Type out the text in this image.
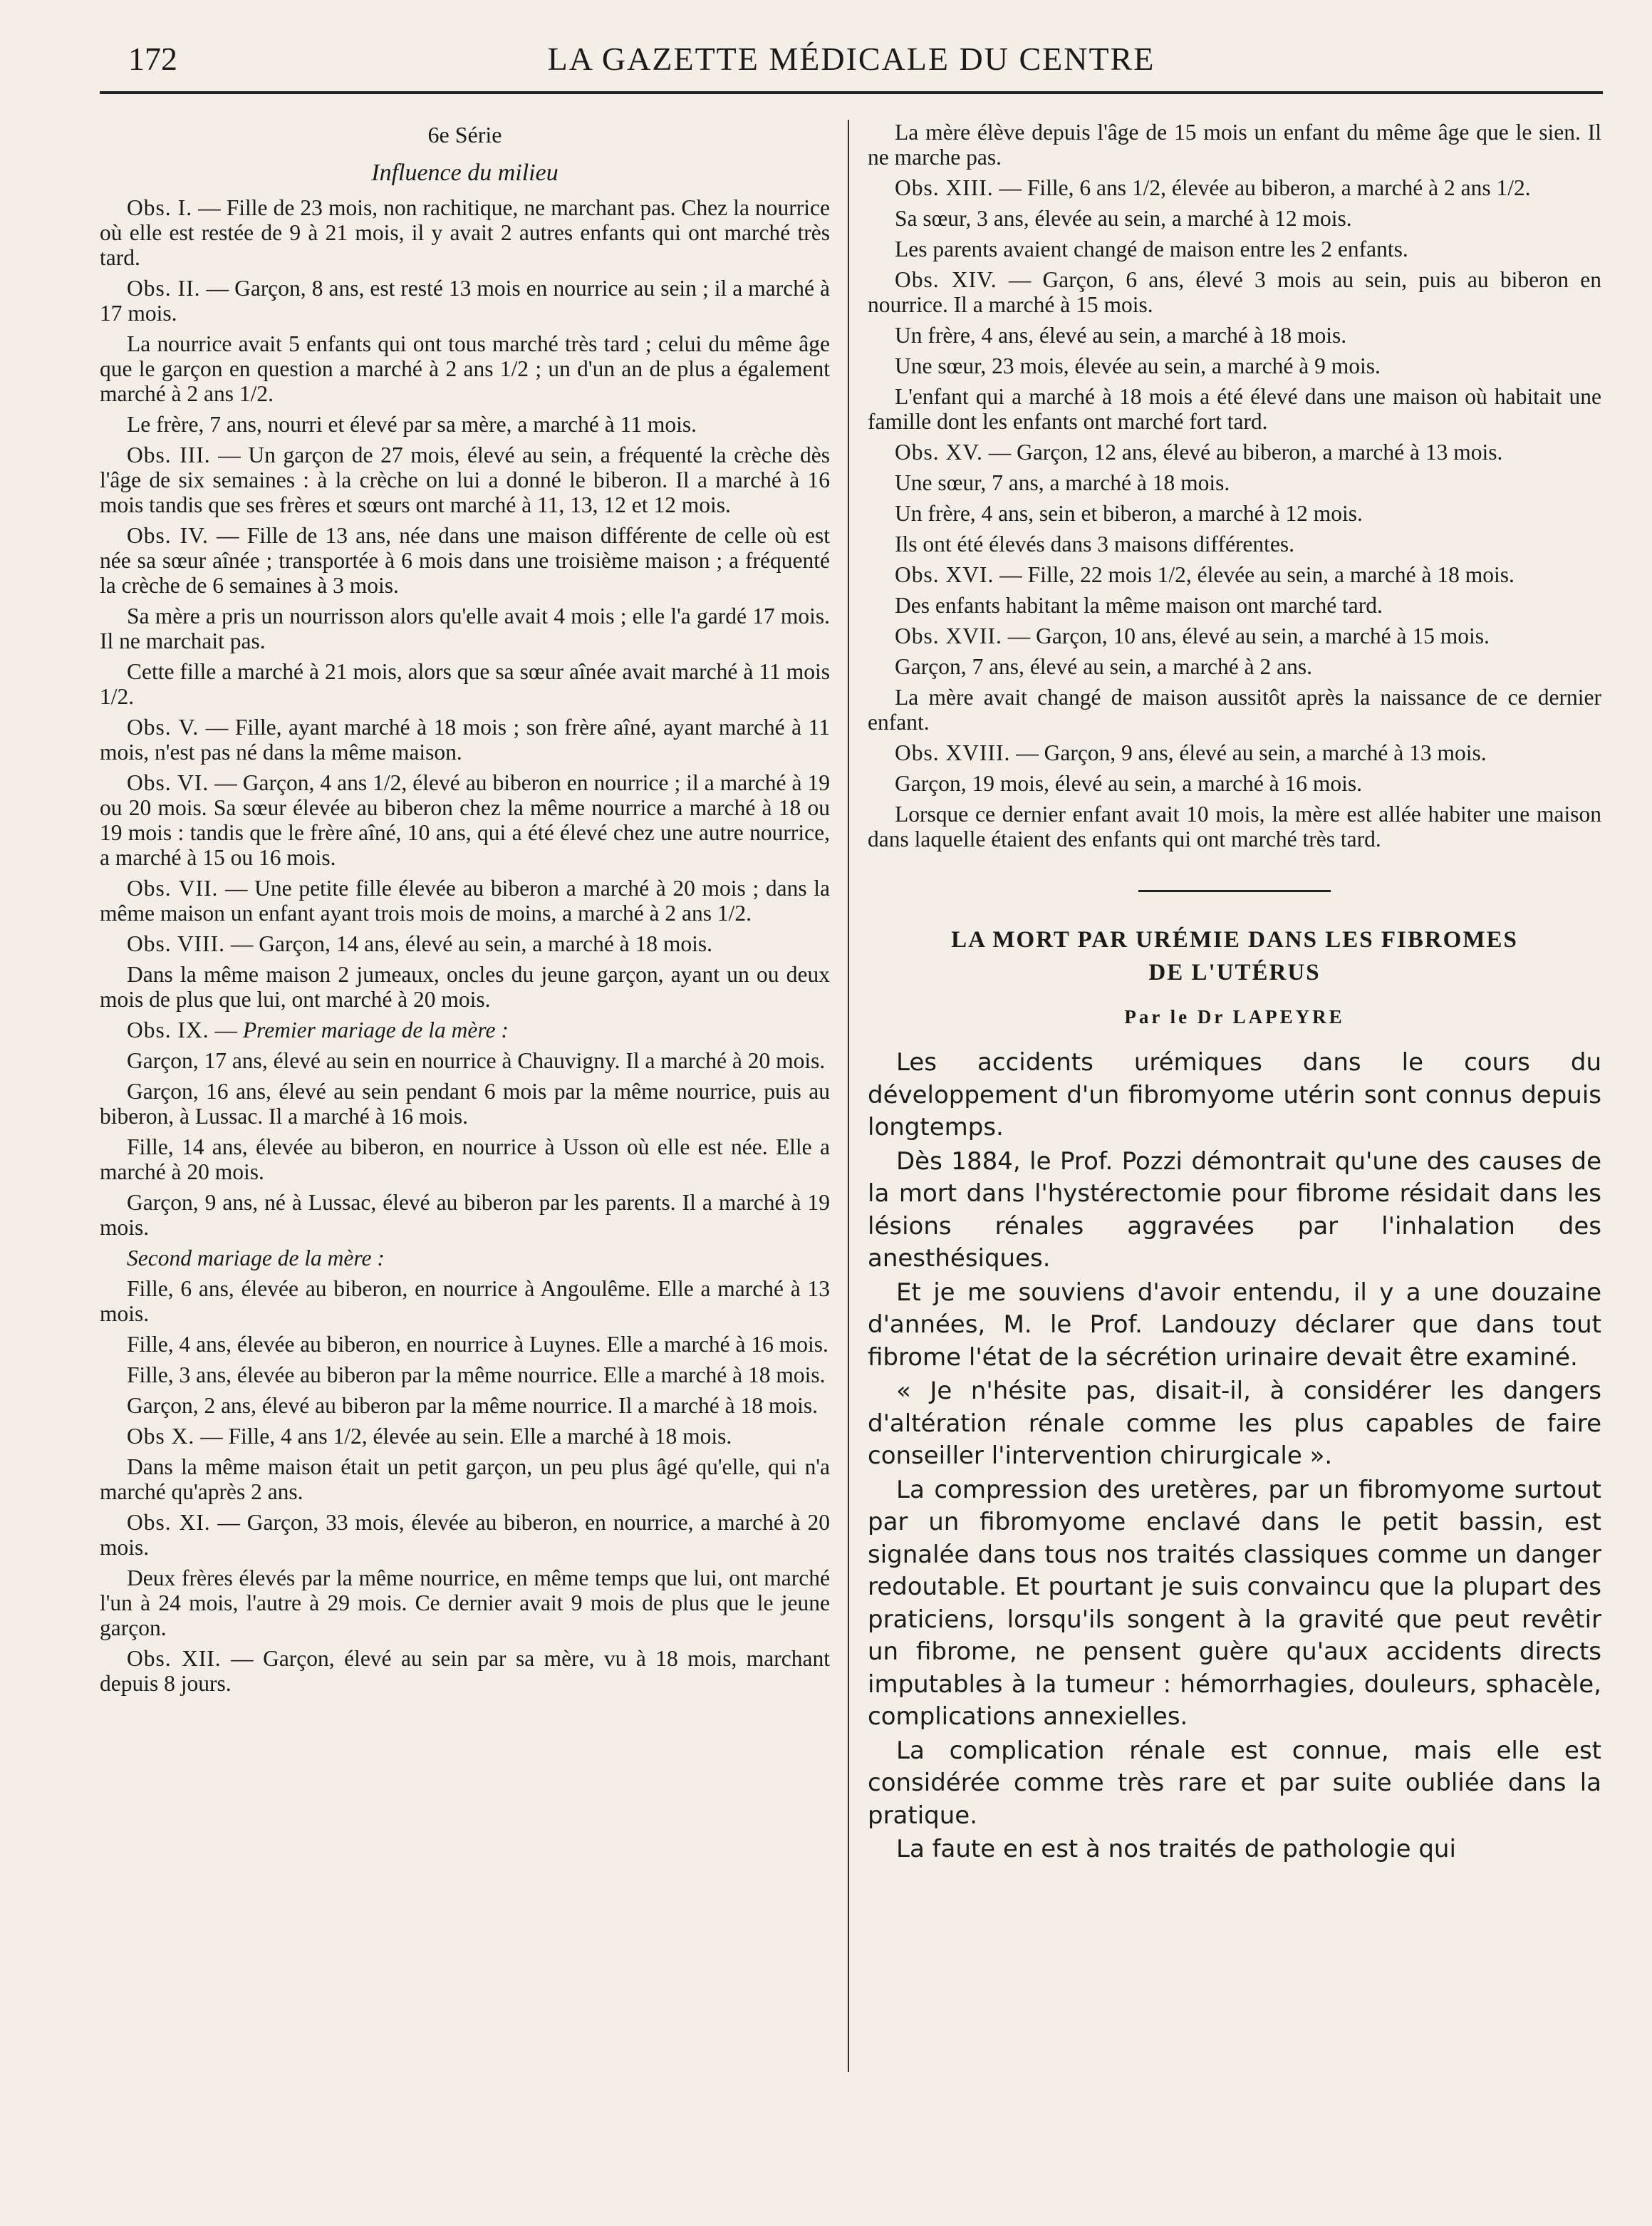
172	LA GAZETTE MÉDICALE DU CENTRE

6e Série

Influence du milieu

Obs. I. — Fille de 23 mois, non rachitique, ne marchant pas. Chez la nourrice où elle est restée de 9 à 21 mois, il y avait 2 autres enfants qui ont marché très tard.

Obs. II. — Garçon, 8 ans, est resté 13 mois en nourrice au sein ; il a marché à 17 mois.

La nourrice avait 5 enfants qui ont tous marché très tard ; celui du même âge que le garçon en question a marché à 2 ans 1/2 ; un d'un an de plus a également marché à 2 ans 1/2.

Le frère, 7 ans, nourri et élevé par sa mère, a marché à 11 mois.

Obs. III. — Un garçon de 27 mois, élevé au sein, a fréquenté la crèche dès l'âge de six semaines : à la crèche on lui a donné le biberon. Il a marché à 16 mois tandis que ses frères et sœurs ont marché à 11, 13, 12 et 12 mois.

Obs. IV. — Fille de 13 ans, née dans une maison différente de celle où est née sa sœur aînée ; transportée à 6 mois dans une troisième maison ; a fréquenté la crèche de 6 semaines à 3 mois.

Sa mère a pris un nourrisson alors qu'elle avait 4 mois ; elle l'a gardé 17 mois. Il ne marchait pas.

Cette fille a marché à 21 mois, alors que sa sœur aînée avait marché à 11 mois 1/2.

Obs. V. — Fille, ayant marché à 18 mois ; son frère aîné, ayant marché à 11 mois, n'est pas né dans la même maison.

Obs. VI. — Garçon, 4 ans 1/2, élevé au biberon en nourrice ; il a marché à 19 ou 20 mois. Sa sœur élevée au biberon chez la même nourrice a marché à 18 ou 19 mois : tandis que le frère aîné, 10 ans, qui a été élevé chez une autre nourrice, a marché à 15 ou 16 mois.

Obs. VII. — Une petite fille élevée au biberon a marché à 20 mois ; dans la même maison un enfant ayant trois mois de moins, a marché à 2 ans 1/2.

Obs. VIII. — Garçon, 14 ans, élevé au sein, a marché à 18 mois.

Dans la même maison 2 jumeaux, oncles du jeune garçon, ayant un ou deux mois de plus que lui, ont marché à 20 mois.

Obs. IX. — Premier mariage de la mère :

Garçon, 17 ans, élevé au sein en nourrice à Chauvigny. Il a marché à 20 mois.

Garçon, 16 ans, élevé au sein pendant 6 mois par la même nourrice, puis au biberon, à Lussac. Il a marché à 16 mois.

Fille, 14 ans, élevée au biberon, en nourrice à Usson où elle est née. Elle a marché à 20 mois.

Garçon, 9 ans, né à Lussac, élevé au biberon par les parents. Il a marché à 19 mois.

Second mariage de la mère :

Fille, 6 ans, élevée au biberon, en nourrice à Angoulême. Elle a marché à 13 mois.

Fille, 4 ans, élevée au biberon, en nourrice à Luynes. Elle a marché à 16 mois.

Fille, 3 ans, élevée au biberon par la même nourrice. Elle a marché à 18 mois.

Garçon, 2 ans, élevé au biberon par la même nourrice. Il a marché à 18 mois.

Obs X. — Fille, 4 ans 1/2, élevée au sein. Elle a marché à 18 mois.

Dans la même maison était un petit garçon, un peu plus âgé qu'elle, qui n'a marché qu'après 2 ans.

Obs. XI. — Garçon, 33 mois, élevée au biberon, en nourrice, a marché à 20 mois.

Deux frères élevés par la même nourrice, en même temps que lui, ont marché l'un à 24 mois, l'autre à 29 mois. Ce dernier avait 9 mois de plus que le jeune garçon.

Obs. XII. — Garçon, élevé au sein par sa mère, vu à 18 mois, marchant depuis 8 jours.

La mère élève depuis l'âge de 15 mois un enfant du même âge que le sien. Il ne marche pas.

Obs. XIII. — Fille, 6 ans 1/2, élevée au biberon, a marché à 2 ans 1/2.

Sa sœur, 3 ans, élevée au sein, a marché à 12 mois.

Les parents avaient changé de maison entre les 2 enfants.

Obs. XIV. — Garçon, 6 ans, élevé 3 mois au sein, puis au biberon en nourrice. Il a marché à 15 mois.

Un frère, 4 ans, élevé au sein, a marché à 18 mois.

Une sœur, 23 mois, élevée au sein, a marché à 9 mois.

L'enfant qui a marché à 18 mois a été élevé dans une maison où habitait une famille dont les enfants ont marché fort tard.

Obs. XV. — Garçon, 12 ans, élevé au biberon, a marché à 13 mois.

Une sœur, 7 ans, a marché à 18 mois.

Un frère, 4 ans, sein et biberon, a marché à 12 mois.

Ils ont été élevés dans 3 maisons différentes.

Obs. XVI. — Fille, 22 mois 1/2, élevée au sein, a marché à 18 mois.

Des enfants habitant la même maison ont marché tard.

Obs. XVII. — Garçon, 10 ans, élevé au sein, a marché à 15 mois.

Garçon, 7 ans, élevé au sein, a marché à 2 ans.

La mère avait changé de maison aussitôt après la naissance de ce dernier enfant.

Obs. XVIII. — Garçon, 9 ans, élevé au sein, a marché à 13 mois.

Garçon, 19 mois, élevé au sein, a marché à 16 mois.

Lorsque ce dernier enfant avait 10 mois, la mère est allée habiter une maison dans laquelle étaient des enfants qui ont marché très tard.

LA MORT PAR URÉMIE DANS LES FIBROMES
DE L'UTÉRUS
Par le Dr LAPEYRE

Les accidents urémiques dans le cours du développement d'un fibromyome utérin sont connus depuis longtemps.

Dès 1884, le Prof. Pozzi démontrait qu'une des causes de la mort dans l'hystérectomie pour fibrome résidait dans les lésions rénales aggravées par l'inhalation des anesthésiques.

Et je me souviens d'avoir entendu, il y a une douzaine d'années, M. le Prof. Landouzy déclarer que dans tout fibrome l'état de la sécrétion urinaire devait être examiné.

« Je n'hésite pas, disait-il, à considérer les dangers d'altération rénale comme les plus capables de faire conseiller l'intervention chirurgicale ».

La compression des uretères, par un fibromyome surtout par un fibromyome enclavé dans le petit bassin, est signalée dans tous nos traités classiques comme un danger redoutable. Et pourtant je suis convaincu que la plupart des praticiens, lorsqu'ils songent à la gravité que peut revêtir un fibrome, ne pensent guère qu'aux accidents directs imputables à la tumeur : hémorrhagies, douleurs, sphacèle, complications annexielles.

La complication rénale est connue, mais elle est considérée comme très rare et par suite oubliée dans la pratique.

La faute en est à nos traités de pathologie qui
